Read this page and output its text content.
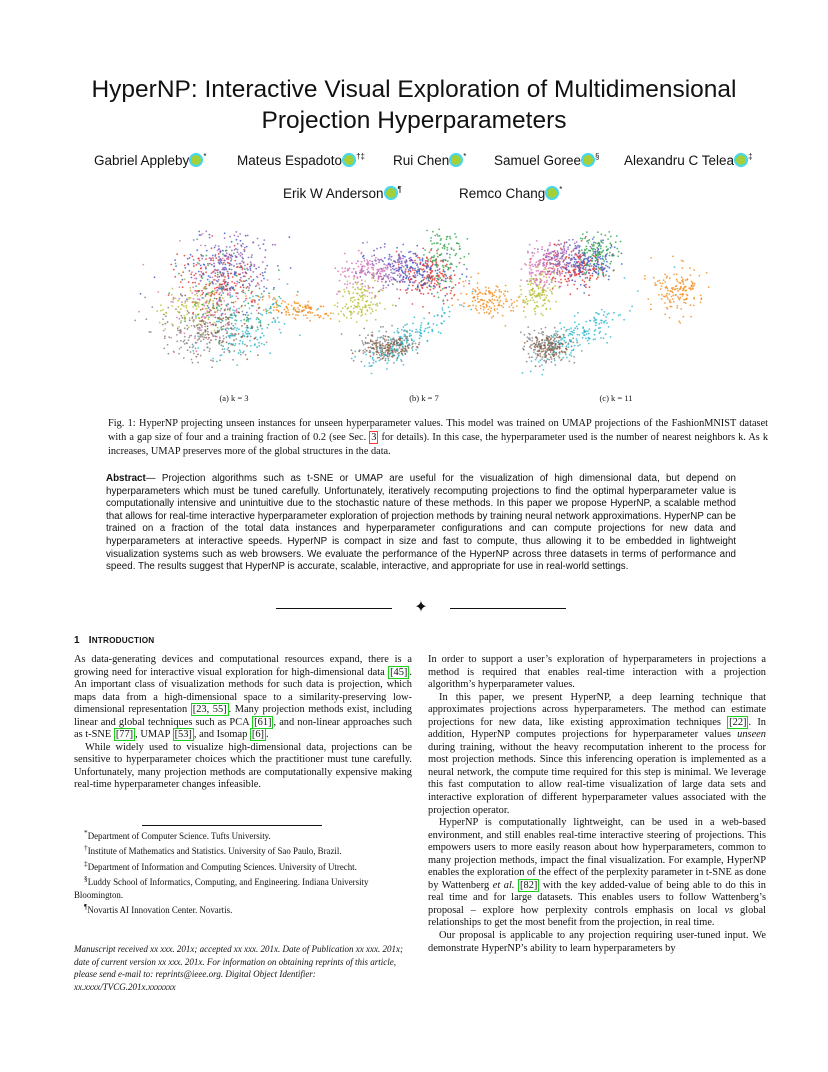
HyperNP: Interactive Visual Exploration of Multidimensional Projection Hyperparameters
Gabriel Appleby * Mateus Espadoto †‡ Rui Chen * Samuel Goree § Alexandru C Telea ‡
Erik W Anderson ¶	Remco Chang *
(a) k = 3	(b) k = 7	(c) k = 11
Fig. 1: HyperNP projecting unseen instances for unseen hyperparameter values. This model was trained on UMAP projections of the FashionMNIST dataset with a gap size of four and a training fraction of 0.2 (see Sec. 3 for details). In this case, the hyperparameter used is the number of nearest neighbors k. As k increases, UMAP preserves more of the global structures in the data.
Abstract— Projection algorithms such as t-SNE or UMAP are useful for the visualization of high dimensional data, but depend on hyperparameters which must be tuned carefully. Unfortunately, iteratively recomputing projections to find the optimal hyperparameter value is computationally intensive and unintuitive due to the stochastic nature of these methods. In this paper we propose HyperNP, a scalable method that allows for real-time interactive hyperparameter exploration of projection methods by training neural network approximations. HyperNP can be trained on a fraction of the total data instances and hyperparameter configurations and can compute projections for new data and hyperparameters at interactive speeds. HyperNP is compact in size and fast to compute, thus allowing it to be embedded in lightweight visualization systems such as web browsers. We evaluate the performance of the HyperNP across three datasets in terms of performance and speed. The results suggest that HyperNP is accurate, scalable, interactive, and appropriate for use in real-world settings.
✦
1 INTRODUCTION

As data-generating devices and computational resources expand, there is a growing need for interactive visual exploration for high-dimensional data [45] . An important class of visualization methods for such data is projection, which maps data from a high-dimensional space to a similarity-preserving low-dimensional representation [23, 55] . Many projection methods exist, including linear and global techniques such as PCA [61] , and non-linear approaches such as t-SNE [77] , UMAP [53] , and Isomap [6] .

While widely used to visualize high-dimensional data, projections can be sensitive to hyperparameter choices which the practitioner must tune carefully. Unfortunately, many projection methods are computationally expensive making real-time hyperparameter changes infeasible.

*Department of Computer Science. Tufts University.

†Institute of Mathematics and Statistics. University of Sao Paulo, Brazil.

‡Department of Information and Computing Sciences. University of Utrecht.

§Luddy School of Informatics, Computing, and Engineering. Indiana University Bloomington.

¶Novartis AI Innovation Center. Novartis.

Manuscript received xx xxx. 201x; accepted xx xxx. 201x. Date of Publication xx xxx. 201x; date of current version xx xxx. 201x. For information on obtaining reprints of this article, please send e-mail to: reprints@ieee.org. Digital Object Identifier: xx.xxxx/TVCG.201x.xxxxxxx

In order to support a user’s exploration of hyperparameters in projections a method is required that enables real-time interaction with a projection algorithm’s hyperparameter values.

In this paper, we present HyperNP, a deep learning technique that approximates projections across hyperparameters. The method can estimate projections for new data, like existing approximation techniques [22] . In addition, HyperNP computes projections for hyperparameter values unseen during training, without the heavy recomputation inherent to the process for most projection methods. Since this inferencing operation is implemented as a neural network, the compute time required for this step is minimal. We leverage this fast computation to allow real-time visualization of large data sets and interactive exploration of different hyperparameter values associated with the projection operator.

HyperNP is computationally lightweight, can be used in a web-based environment, and still enables real-time interactive steering of projections. This empowers users to more easily reason about how hyperparameters, common to many projection methods, impact the final visualization. For example, HyperNP enables the exploration of the effect of the perplexity parameter in t-SNE as done by Wattenberg et al. [82] with the key added-value of being able to do this in real time and for large datasets. This enables users to follow Wattenberg’s proposal – explore how perplexity controls emphasis on local vs global relationships to get the most benefit from the projection, in real time.

Our proposal is applicable to any projection requiring user-tuned input. We demonstrate HyperNP’s ability to learn hyperparameters by
